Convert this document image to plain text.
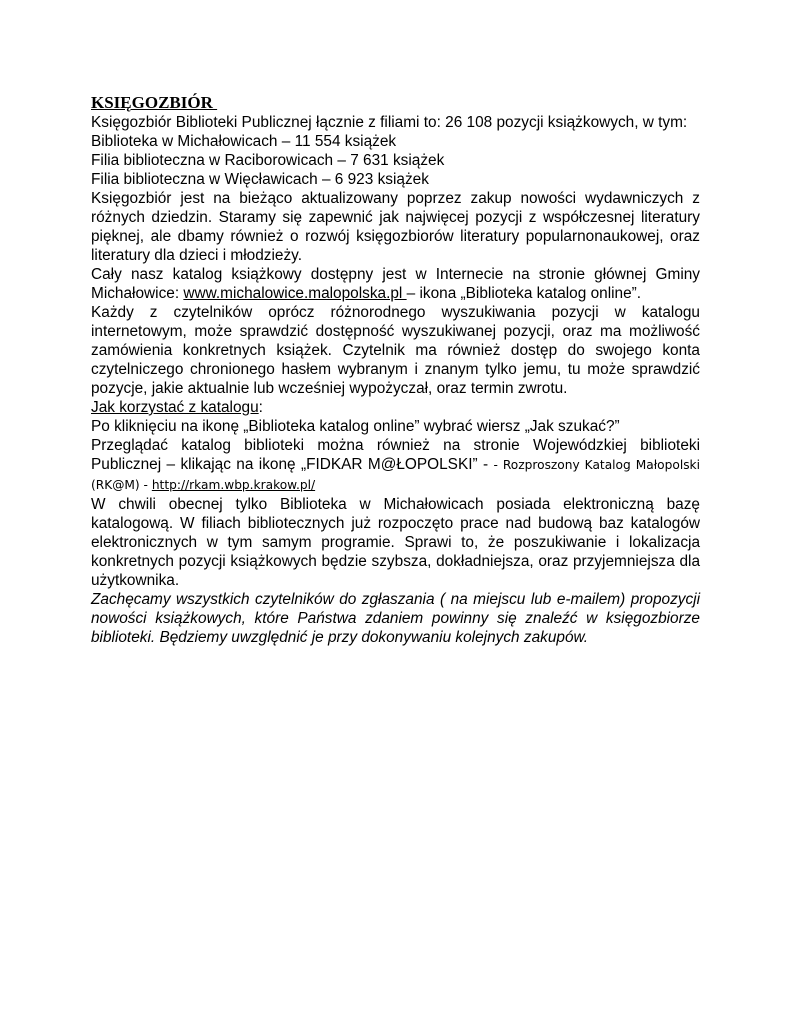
KSIĘGOZBIÓR
Księgozbiór Biblioteki Publicznej łącznie z filiami to: 26 108 pozycji książkowych, w tym:
Biblioteka w Michałowicach – 11 554 książek
Filia biblioteczna w Raciborowicach – 7 631 książek
Filia biblioteczna w Więcławicach – 6 923 książek
Księgozbiór jest na bieżąco aktualizowany poprzez zakup nowości wydawniczych z różnych dziedzin. Staramy się zapewnić jak najwięcej pozycji z współczesnej literatury pięknej, ale dbamy również o rozwój księgozbiorów literatury popularnonaukowej, oraz literatury dla dzieci i młodzieży.
Cały nasz katalog książkowy dostępny jest w Internecie na stronie głównej Gminy Michałowice: www.michalowice.malopolska.pl – ikona „Biblioteka katalog online”.
Każdy z czytelników oprócz różnorodnego wyszukiwania pozycji w katalogu internetowym, może sprawdzić dostępność wyszukiwanej pozycji, oraz ma możliwość zamówienia konkretnych książek. Czytelnik ma również dostęp do swojego konta czytelniczego chronionego hasłem wybranym i znanym tylko jemu, tu może sprawdzić pozycje, jakie aktualnie lub wcześniej wypożyczał, oraz termin zwrotu.
Jak korzystać z katalogu:
Po kliknięciu na ikonę „Biblioteka katalog online” wybrać wiersz „Jak szukać?”
Przeglądać katalog biblioteki można również na stronie Wojewódzkiej biblioteki Publicznej – klikając na ikonę „FIDKAR M@ŁOPOLSKI” - - Rozproszony Katalog Małopolski (RK@M) - http://rkam.wbp.krakow.pl/
W chwili obecnej tylko Biblioteka w Michałowicach posiada elektroniczną bazę katalogową. W filiach bibliotecznych już rozpoczęto prace nad budową baz katalogów elektronicznych w tym samym programie. Sprawi to, że poszukiwanie i lokalizacja konkretnych pozycji książkowych będzie szybsza, dokładniejsza, oraz przyjemniejsza dla użytkownika.
Zachęcamy wszystkich czytelników do zgłaszania ( na miejscu lub e-mailem) propozycji nowości książkowych, które Państwa zdaniem powinny się znaleźć w księgozbiorze biblioteki. Będziemy uwzględnić je przy dokonywaniu kolejnych zakupów.
